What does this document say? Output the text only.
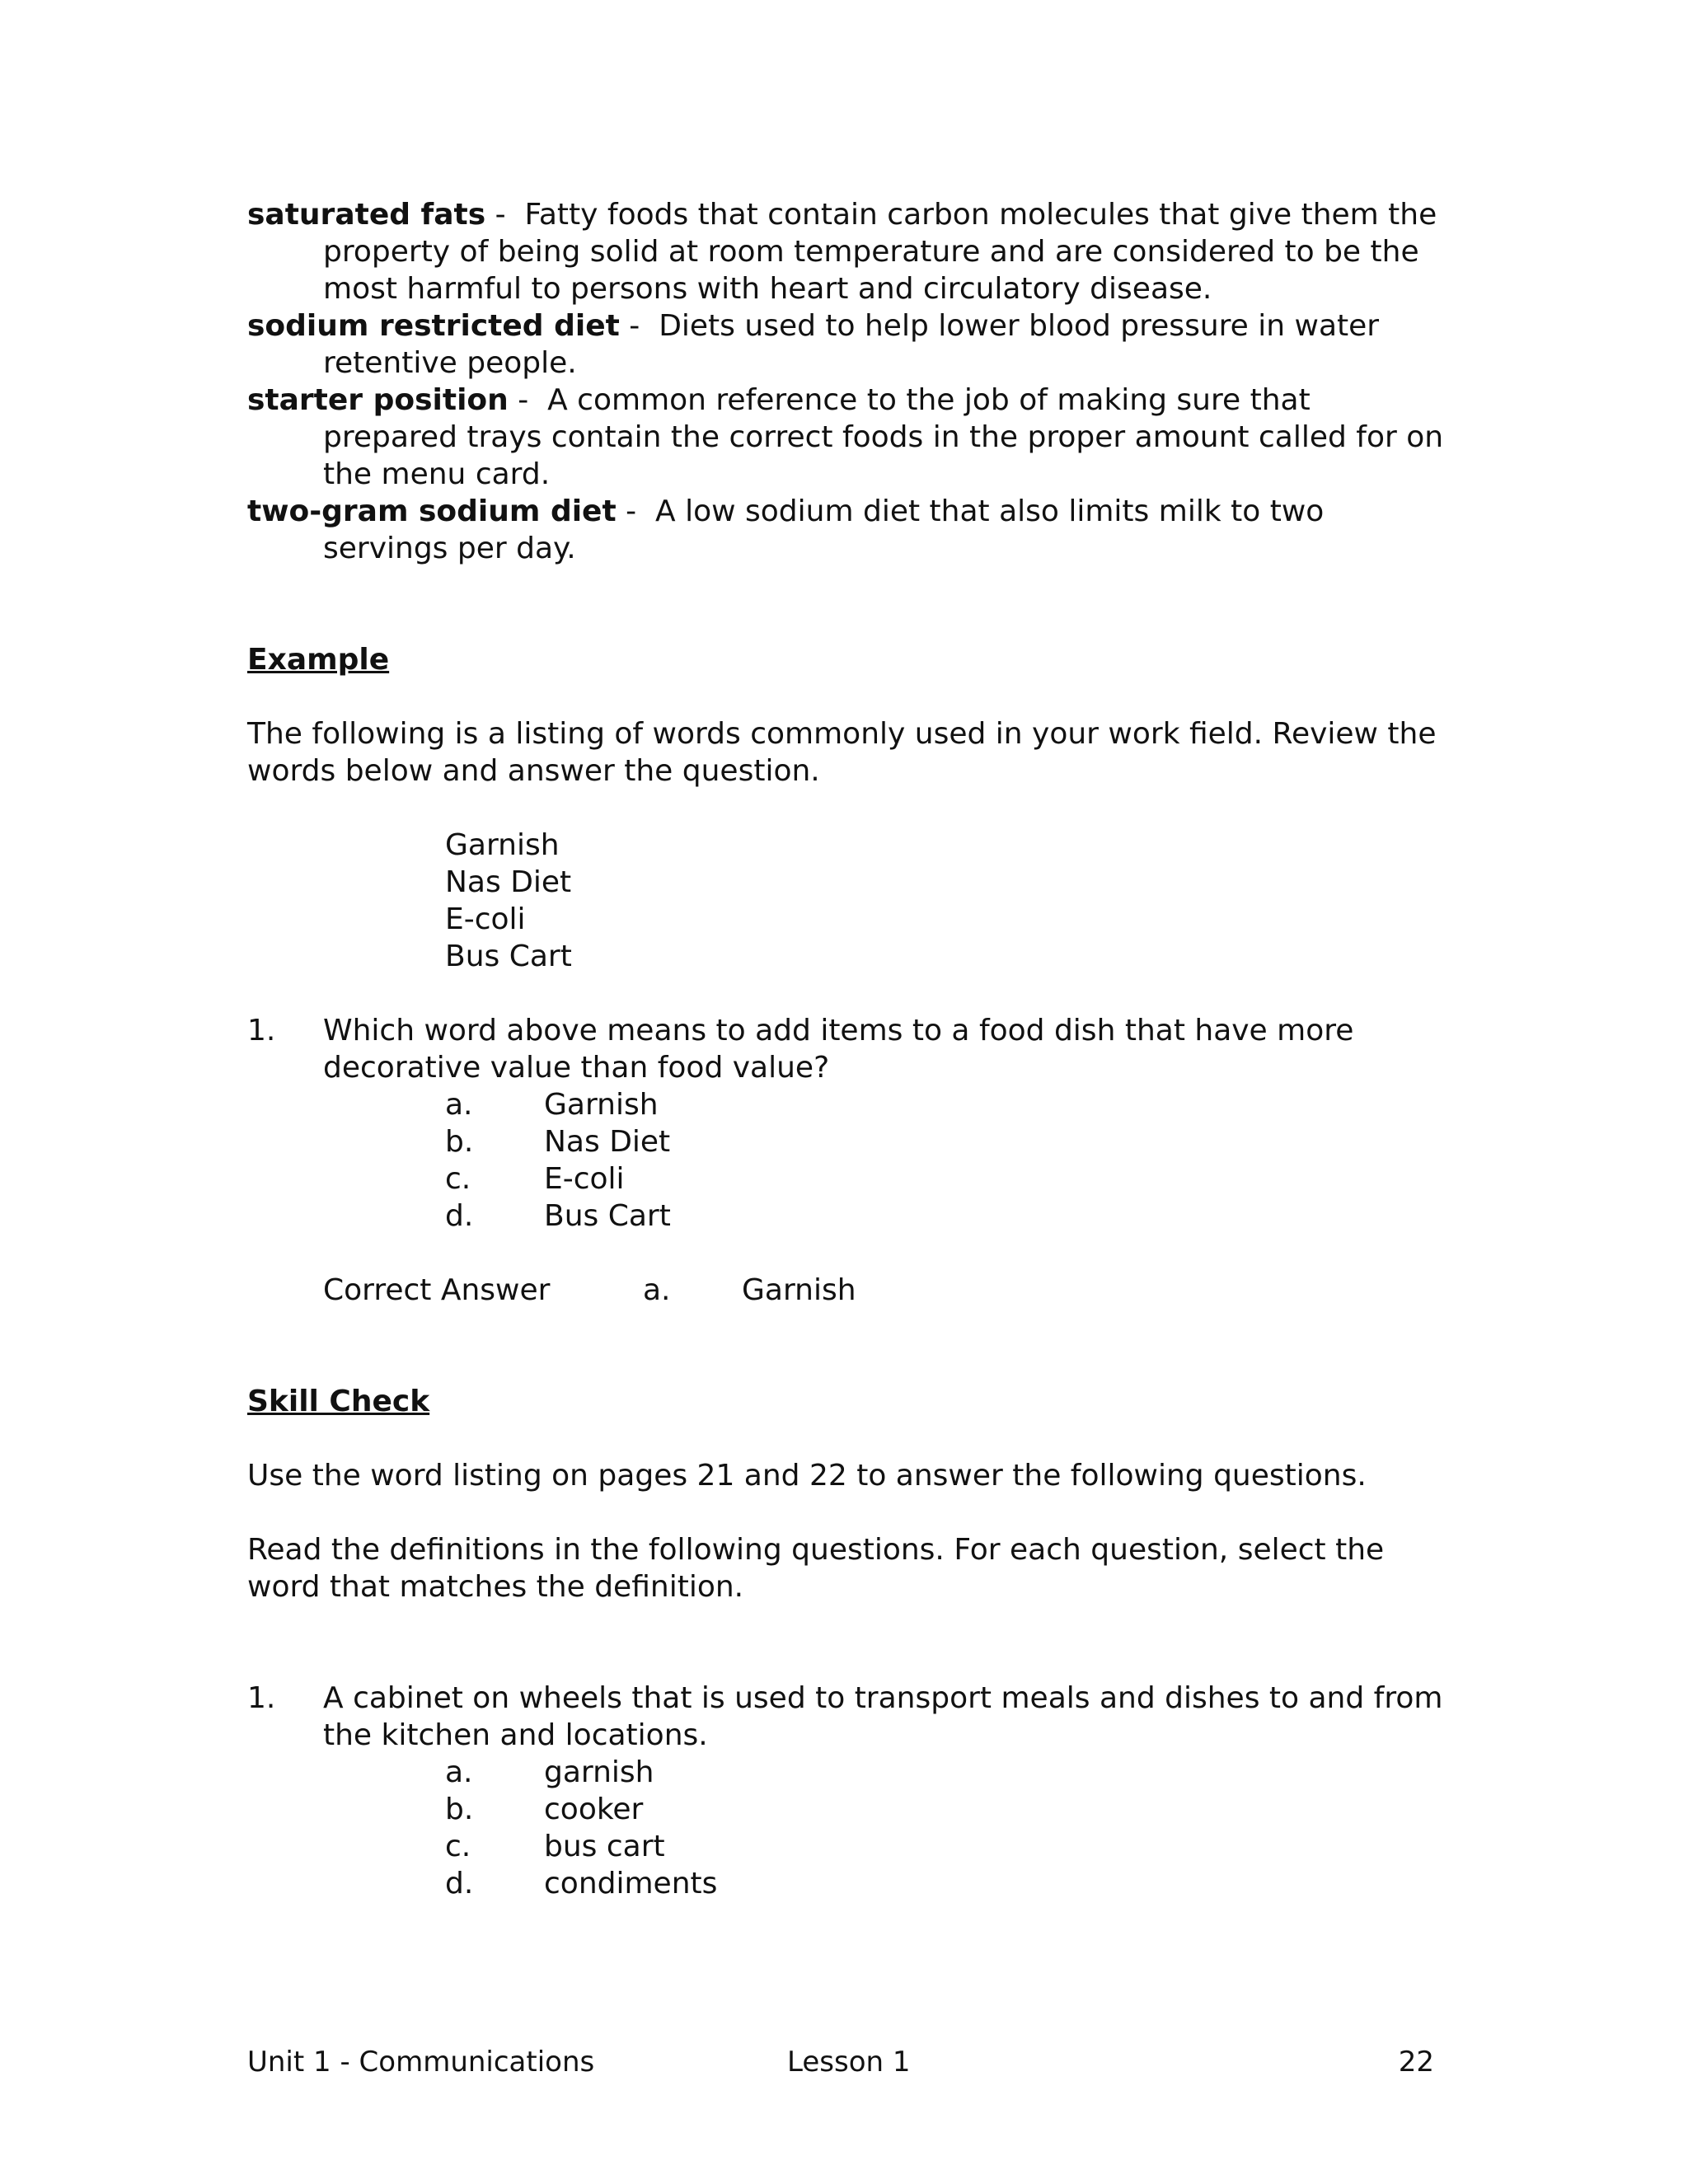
saturated fats -  Fatty foods that contain carbon molecules that give them the property of being solid at room temperature and are considered to be the most harmful to persons with heart and circulatory disease.
sodium restricted diet -  Diets used to help lower blood pressure in water retentive people.
starter position -  A common reference to the job of making sure that prepared trays contain the correct foods in the proper amount called for on the menu card.
two-gram sodium diet -  A low sodium diet that also limits milk to two servings per day.
Example

The following is a listing of words commonly used in your work field. Review the words below and answer the question.

Garnish
Nas Diet
E-coli
Bus Cart
1. Which word above means to add items to a food dish that have more decorative value than food value?
a. Garnish
b. Nas Diet
c. E-coli
d. Bus Cart
Correct Answer	a. Garnish
Skill Check

Use the word listing on pages 21 and 22 to answer the following questions.

Read the definitions in the following questions. For each question, select the word that matches the definition.

1. A cabinet on wheels that is used to transport meals and dishes to and from the kitchen and locations.
a. garnish
b. cooker
c. bus cart
d. condiments
Unit 1 - Communications	Lesson 1	22
